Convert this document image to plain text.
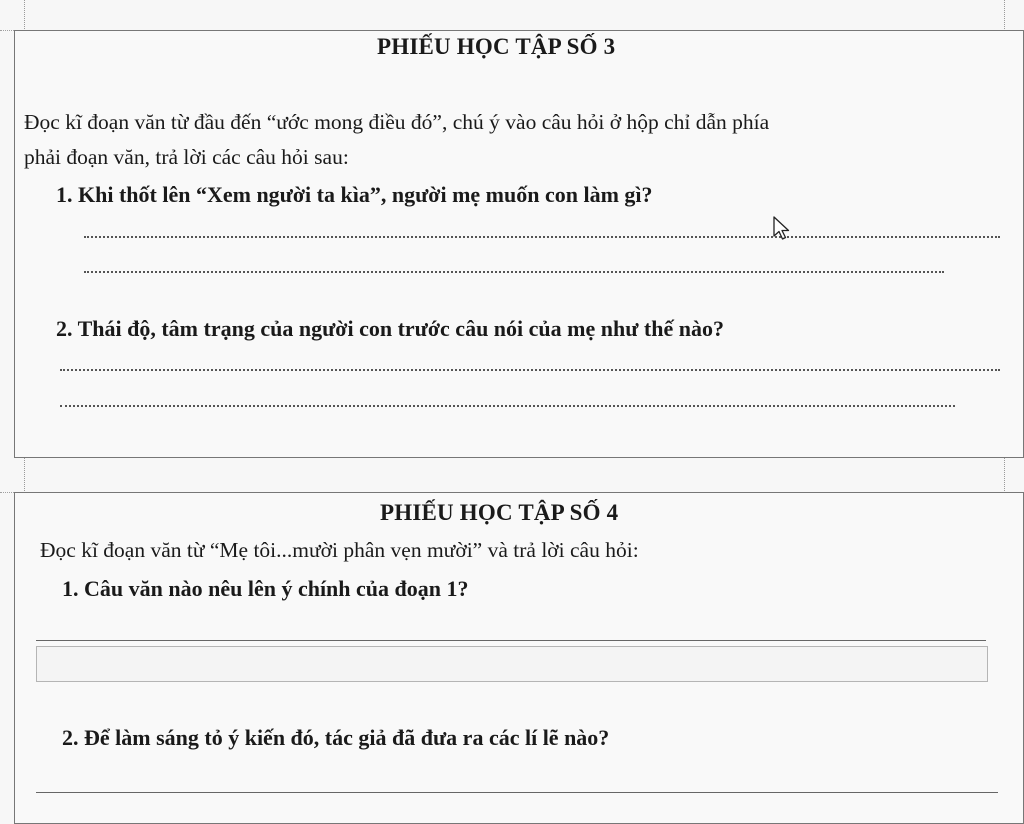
PHIẾU HỌC TẬP SỐ 3
Đọc kĩ đoạn văn từ đầu đến “ước mong điều đó”, chú ý vào câu hỏi ở hộp chỉ dẫn phía
phải đoạn văn, trả lời các câu hỏi sau:
1. Khi thốt lên “Xem người ta kìa”, người mẹ muốn con làm gì?
2. Thái độ, tâm trạng của người con trước câu nói của mẹ như thế nào?
PHIẾU HỌC TẬP SỐ 4
Đọc kĩ đoạn văn từ “Mẹ tôi...mười phân vẹn mười” và trả lời câu hỏi:
1. Câu văn nào nêu lên ý chính của đoạn 1?
2. Để làm sáng tỏ ý kiến đó, tác giả đã đưa ra các lí lẽ nào?
